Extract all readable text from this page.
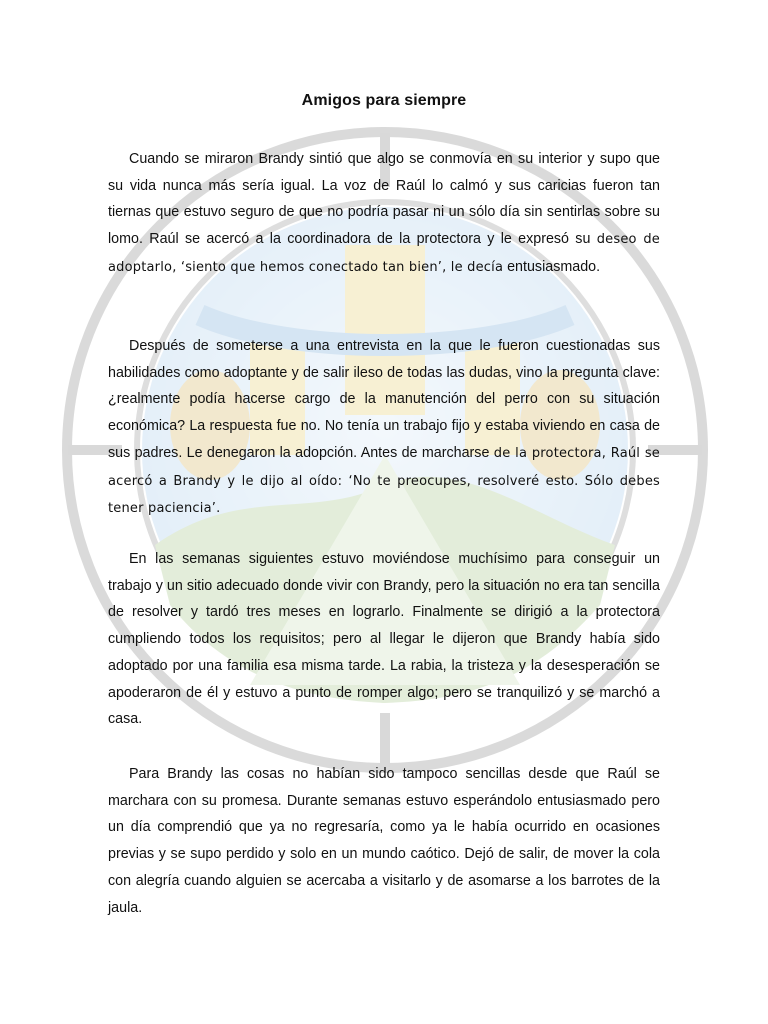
Amigos para siempre

Cuando se miraron Brandy sintió que algo se conmovía en su interior y supo que su vida nunca más sería igual. La voz de Raúl lo calmó y sus caricias fueron tan tiernas que estuvo seguro de que no podría pasar ni un sólo día sin sentirlas sobre su lomo. Raúl se acercó a la coordinadora de la protectora y le expresó su deseo de adoptarlo, ‘siento que hemos conectado tan bien’, le decía entusiasmado.

Después de someterse a una entrevista en la que le fueron cuestionadas sus habilidades como adoptante y de salir ileso de todas las dudas, vino la pregunta clave: ¿realmente podía hacerse cargo de la manutención del perro con su situación económica? La respuesta fue no. No tenía un trabajo fijo y estaba viviendo en casa de sus padres. Le denegaron la adopción. Antes de marcharse de la protectora, Raúl se acercó a Brandy y le dijo al oído: ‘No te preocupes, resolveré esto. Sólo debes tener paciencia’.

En las semanas siguientes estuvo moviéndose muchísimo para conseguir un trabajo y un sitio adecuado donde vivir con Brandy, pero la situación no era tan sencilla de resolver y tardó tres meses en lograrlo. Finalmente se dirigió a la protectora cumpliendo todos los requisitos; pero al llegar le dijeron que Brandy había sido adoptado por una familia esa misma tarde. La rabia, la tristeza y la desesperación se apoderaron de él y estuvo a punto de romper algo; pero se tranquilizó y se marchó a casa.

Para Brandy las cosas no habían sido tampoco sencillas desde que Raúl se marchara con su promesa. Durante semanas estuvo esperándolo entusiasmado pero un día comprendió que ya no regresaría, como ya le había ocurrido en ocasiones previas y se supo perdido y solo en un mundo caótico. Dejó de salir, de mover la cola con alegría cuando alguien se acercaba a visitarlo y de asomarse a los barrotes de la jaula.
